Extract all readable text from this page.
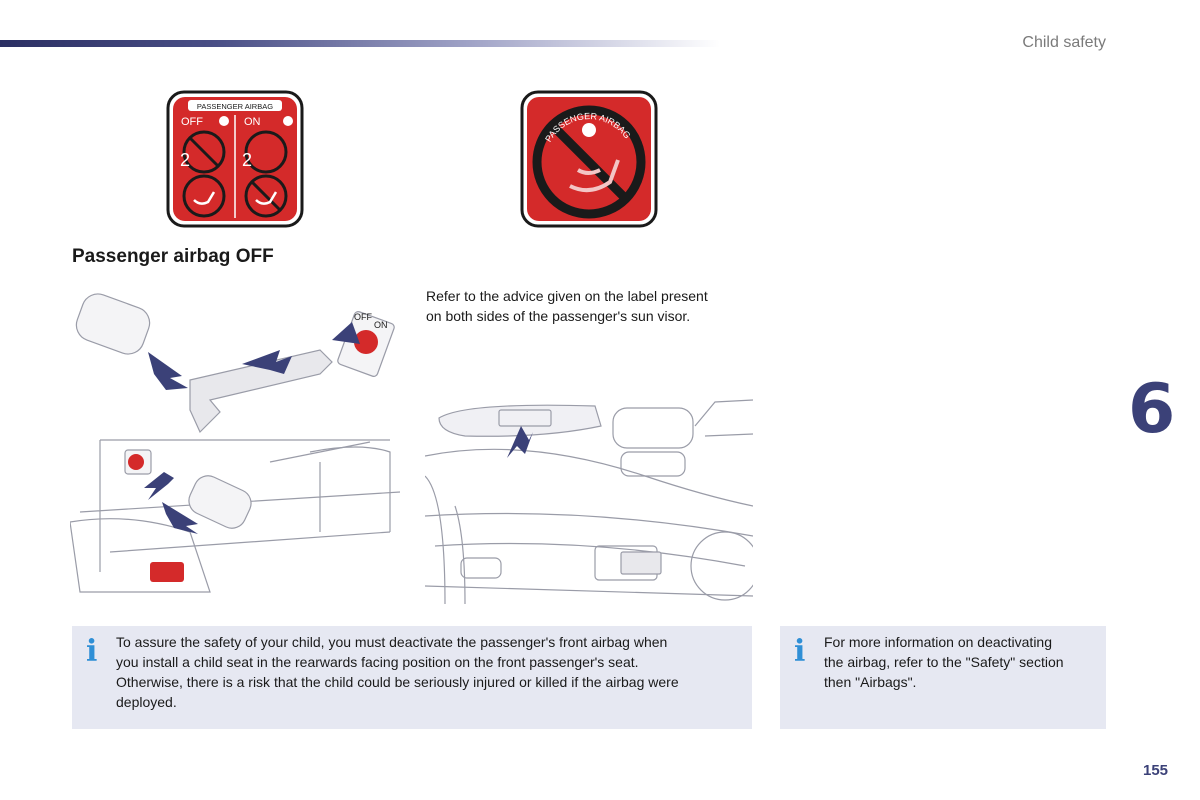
Child safety
PASSENGER AIRBAG
OFF	ON
2	2
PASSENGER AIRBAG
Passenger airbag OFF
Refer to the advice given on the label present
on both sides of the passenger's sun visor.
OFF
ON
6
i To assure the safety of your child, you must deactivate the passenger's front airbag when
you install a child seat in the rearwards facing position on the front passenger's seat.
Otherwise, there is a risk that the child could be seriously injured or killed if the airbag were
deployed.
i For more information on deactivating
the airbag, refer to the "Safety" section
then "Airbags".
155
